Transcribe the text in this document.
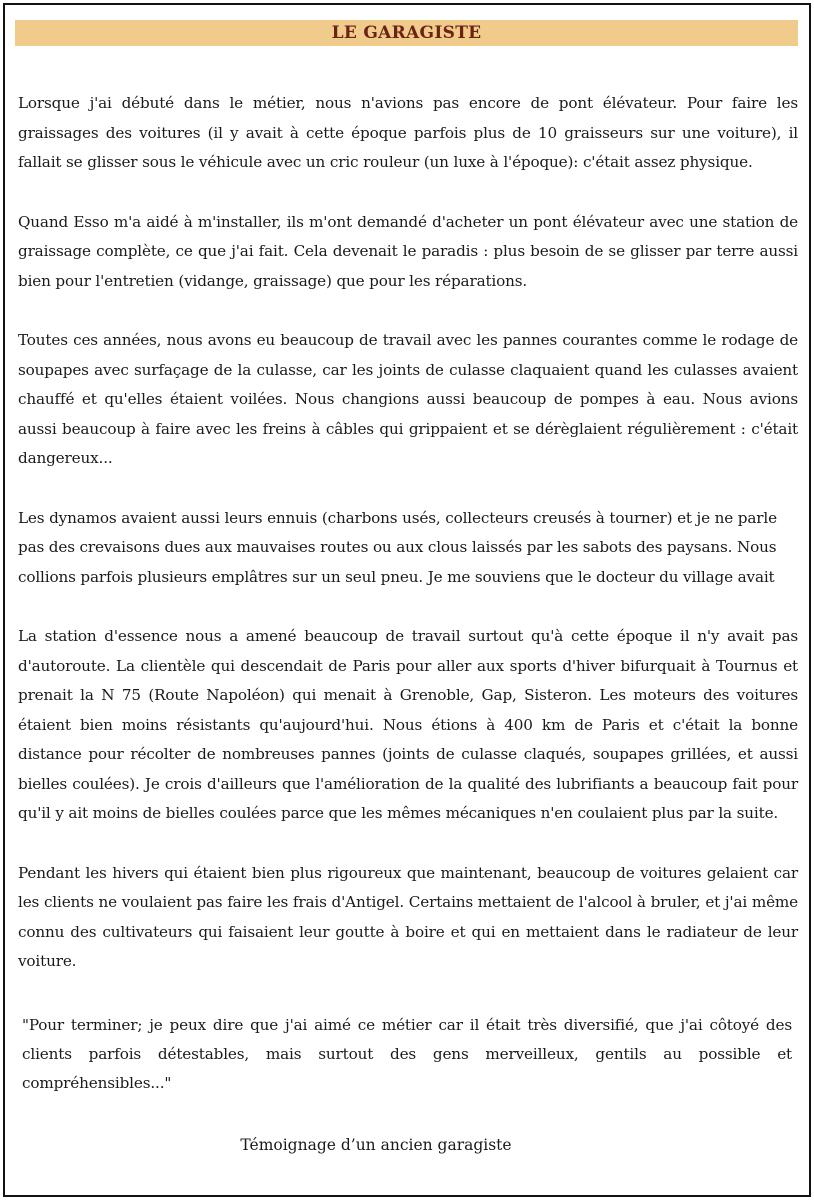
LE GARAGISTE

Lorsque j'ai débuté dans le métier, nous n'avions pas encore de pont élévateur. Pour faire les graissages des voitures (il y avait à cette époque parfois plus de 10 graisseurs sur une voiture), il fallait se glisser sous le véhicule avec un cric rouleur (un luxe à l'époque): c'était assez physique.

Quand Esso m'a aidé à m'installer, ils m'ont demandé d'acheter un pont élévateur avec une station de graissage complète, ce que j'ai fait. Cela devenait le paradis : plus besoin de se glisser par terre aussi bien pour l'entretien (vidange, graissage) que pour les réparations.

Toutes ces années, nous avons eu beaucoup de travail avec les pannes courantes comme le rodage de soupapes avec surfaçage de la culasse, car les joints de culasse claquaient quand les culasses avaient chauffé et qu'elles étaient voilées. Nous changions aussi beaucoup de pompes à eau. Nous avions aussi beaucoup à faire avec les freins à câbles qui grippaient et se dérèglaient régulièrement : c'était dangereux...

Les dynamos avaient aussi leurs ennuis (charbons usés, collecteurs creusés à tourner) et je ne parle pas des crevaisons dues aux mauvaises routes ou aux clous laissés par les sabots des paysans. Nous collions parfois plusieurs emplâtres sur un seul pneu. Je me souviens que le docteur du village avait

La station d'essence nous a amené beaucoup de travail surtout qu'à cette époque il n'y avait pas d'autoroute. La clientèle qui descendait de Paris pour aller aux sports d'hiver bifurquait à Tournus et prenait la N 75 (Route Napoléon) qui menait à Grenoble, Gap, Sisteron. Les moteurs des voitures étaient bien moins résistants qu'aujourd'hui. Nous étions à 400 km de Paris et c'était la bonne distance pour récolter de nombreuses pannes (joints de culasse claqués, soupapes grillées, et aussi bielles coulées). Je crois d'ailleurs que l'amélioration de la qualité des lubrifiants a beaucoup fait pour qu'il y ait moins de bielles coulées parce que les mêmes mécaniques n'en coulaient plus par la suite.

Pendant les hivers qui étaient bien plus rigoureux que maintenant, beaucoup de voitures gelaient car les clients ne voulaient pas faire les frais d'Antigel. Certains mettaient de l'alcool à bruler, et j'ai même connu des cultivateurs qui faisaient leur goutte à boire et qui en mettaient dans le radiateur de leur voiture.

"Pour terminer; je peux dire que j'ai aimé ce métier car il était très diversifié, que j'ai côtoyé des clients parfois détestables, mais surtout des gens merveilleux, gentils au possible et compréhensibles..."
Témoignage d’un ancien garagiste
